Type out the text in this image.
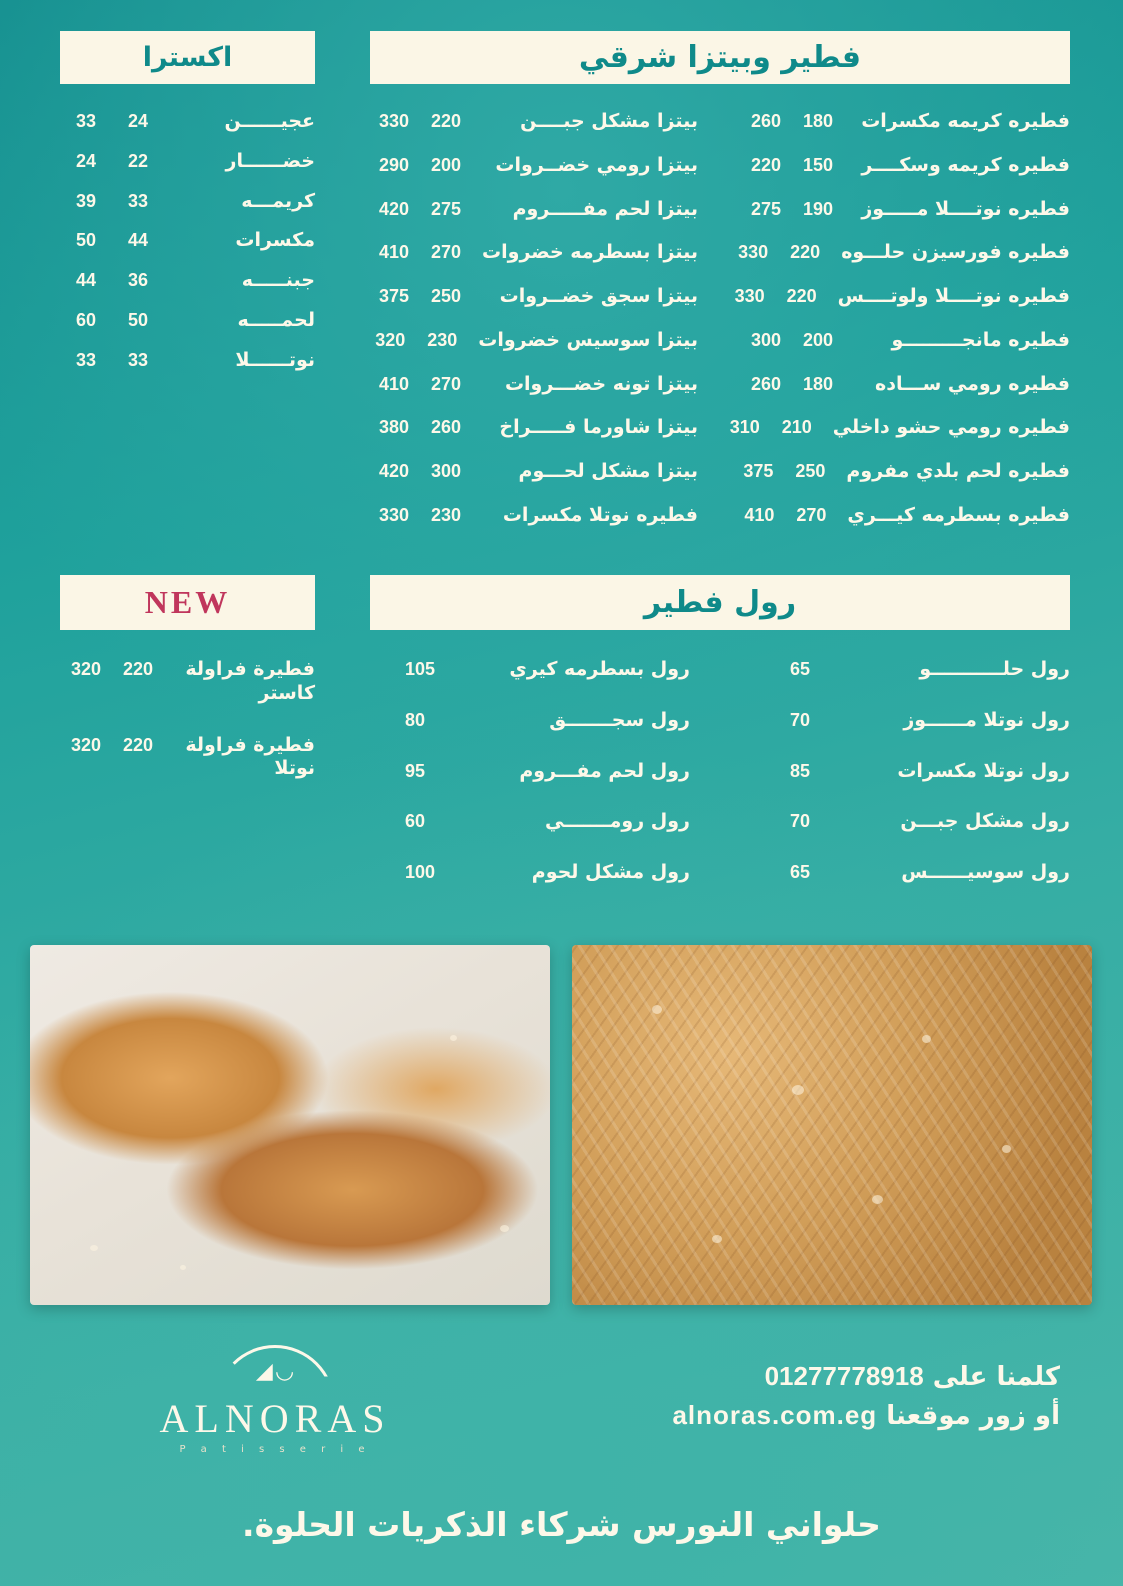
اكسترا	فطير وبيتزا شرقي
عجيــــــن
24
33
خضــــــار
22
24
كريمـــه
33
39
مكسرات
44
50
جبنـــــه
36
44
لحمـــــه
50
60
نوتــــــلا
33
33
فطيره كريمه مكسرات
180
260
فطيره كريمه وسكــــر
150
220
فطيره نوتــــلا مـــــوز
190
275
فطيره فورسيزن حلـــوه
220
330
فطيره نوتــــلا ولوتــــس
220
330
فطيره مانجـــــــــو
200
300
فطيره رومي ســـاده
180
260
فطيره رومي حشو داخلي
210
310
فطيره لحم بلدي مفروم
250
375
فطيره بسطرمه كيـــري
270
410
بيتزا مشكل جبــــن
220
330
بيتزا رومي خضــروات
200
290
بيتزا لحم مفـــــروم
275
420
بيتزا بسطرمه خضروات
270
410
بيتزا سجق خضــروات
250
375
بيتزا سوسيس خضروات
230
320
بيتزا تونه خضـــروات
270
410
بيتزا شاورما فـــــراخ
260
380
بيتزا مشكل لحـــوم
300
420
فطيره نوتلا مكسرات
230
330
NEW	رول فطير
فطيرة فراولة كاستر
220
320
فطيرة فراولة نوتلا
220
320
رول حلـــــــــــو
65
رول نوتلا مــــــوز
70
رول نوتلا مكسرات
85
رول مشكل جبـــن
70
رول سوسيــــــس
65
رول بسطرمه كيري
105
رول سجـــــــق
80
رول لحم مفـــروم
95
رول رومـــــــي
60
رول مشكل لحوم
100
◡ ◢
ALNORAS
P a t i s s e r i e
كلمنا على 01277778918
أو زور موقعنا alnoras.com.eg
حلواني النورس شركاء الذكريات الحلوة.
